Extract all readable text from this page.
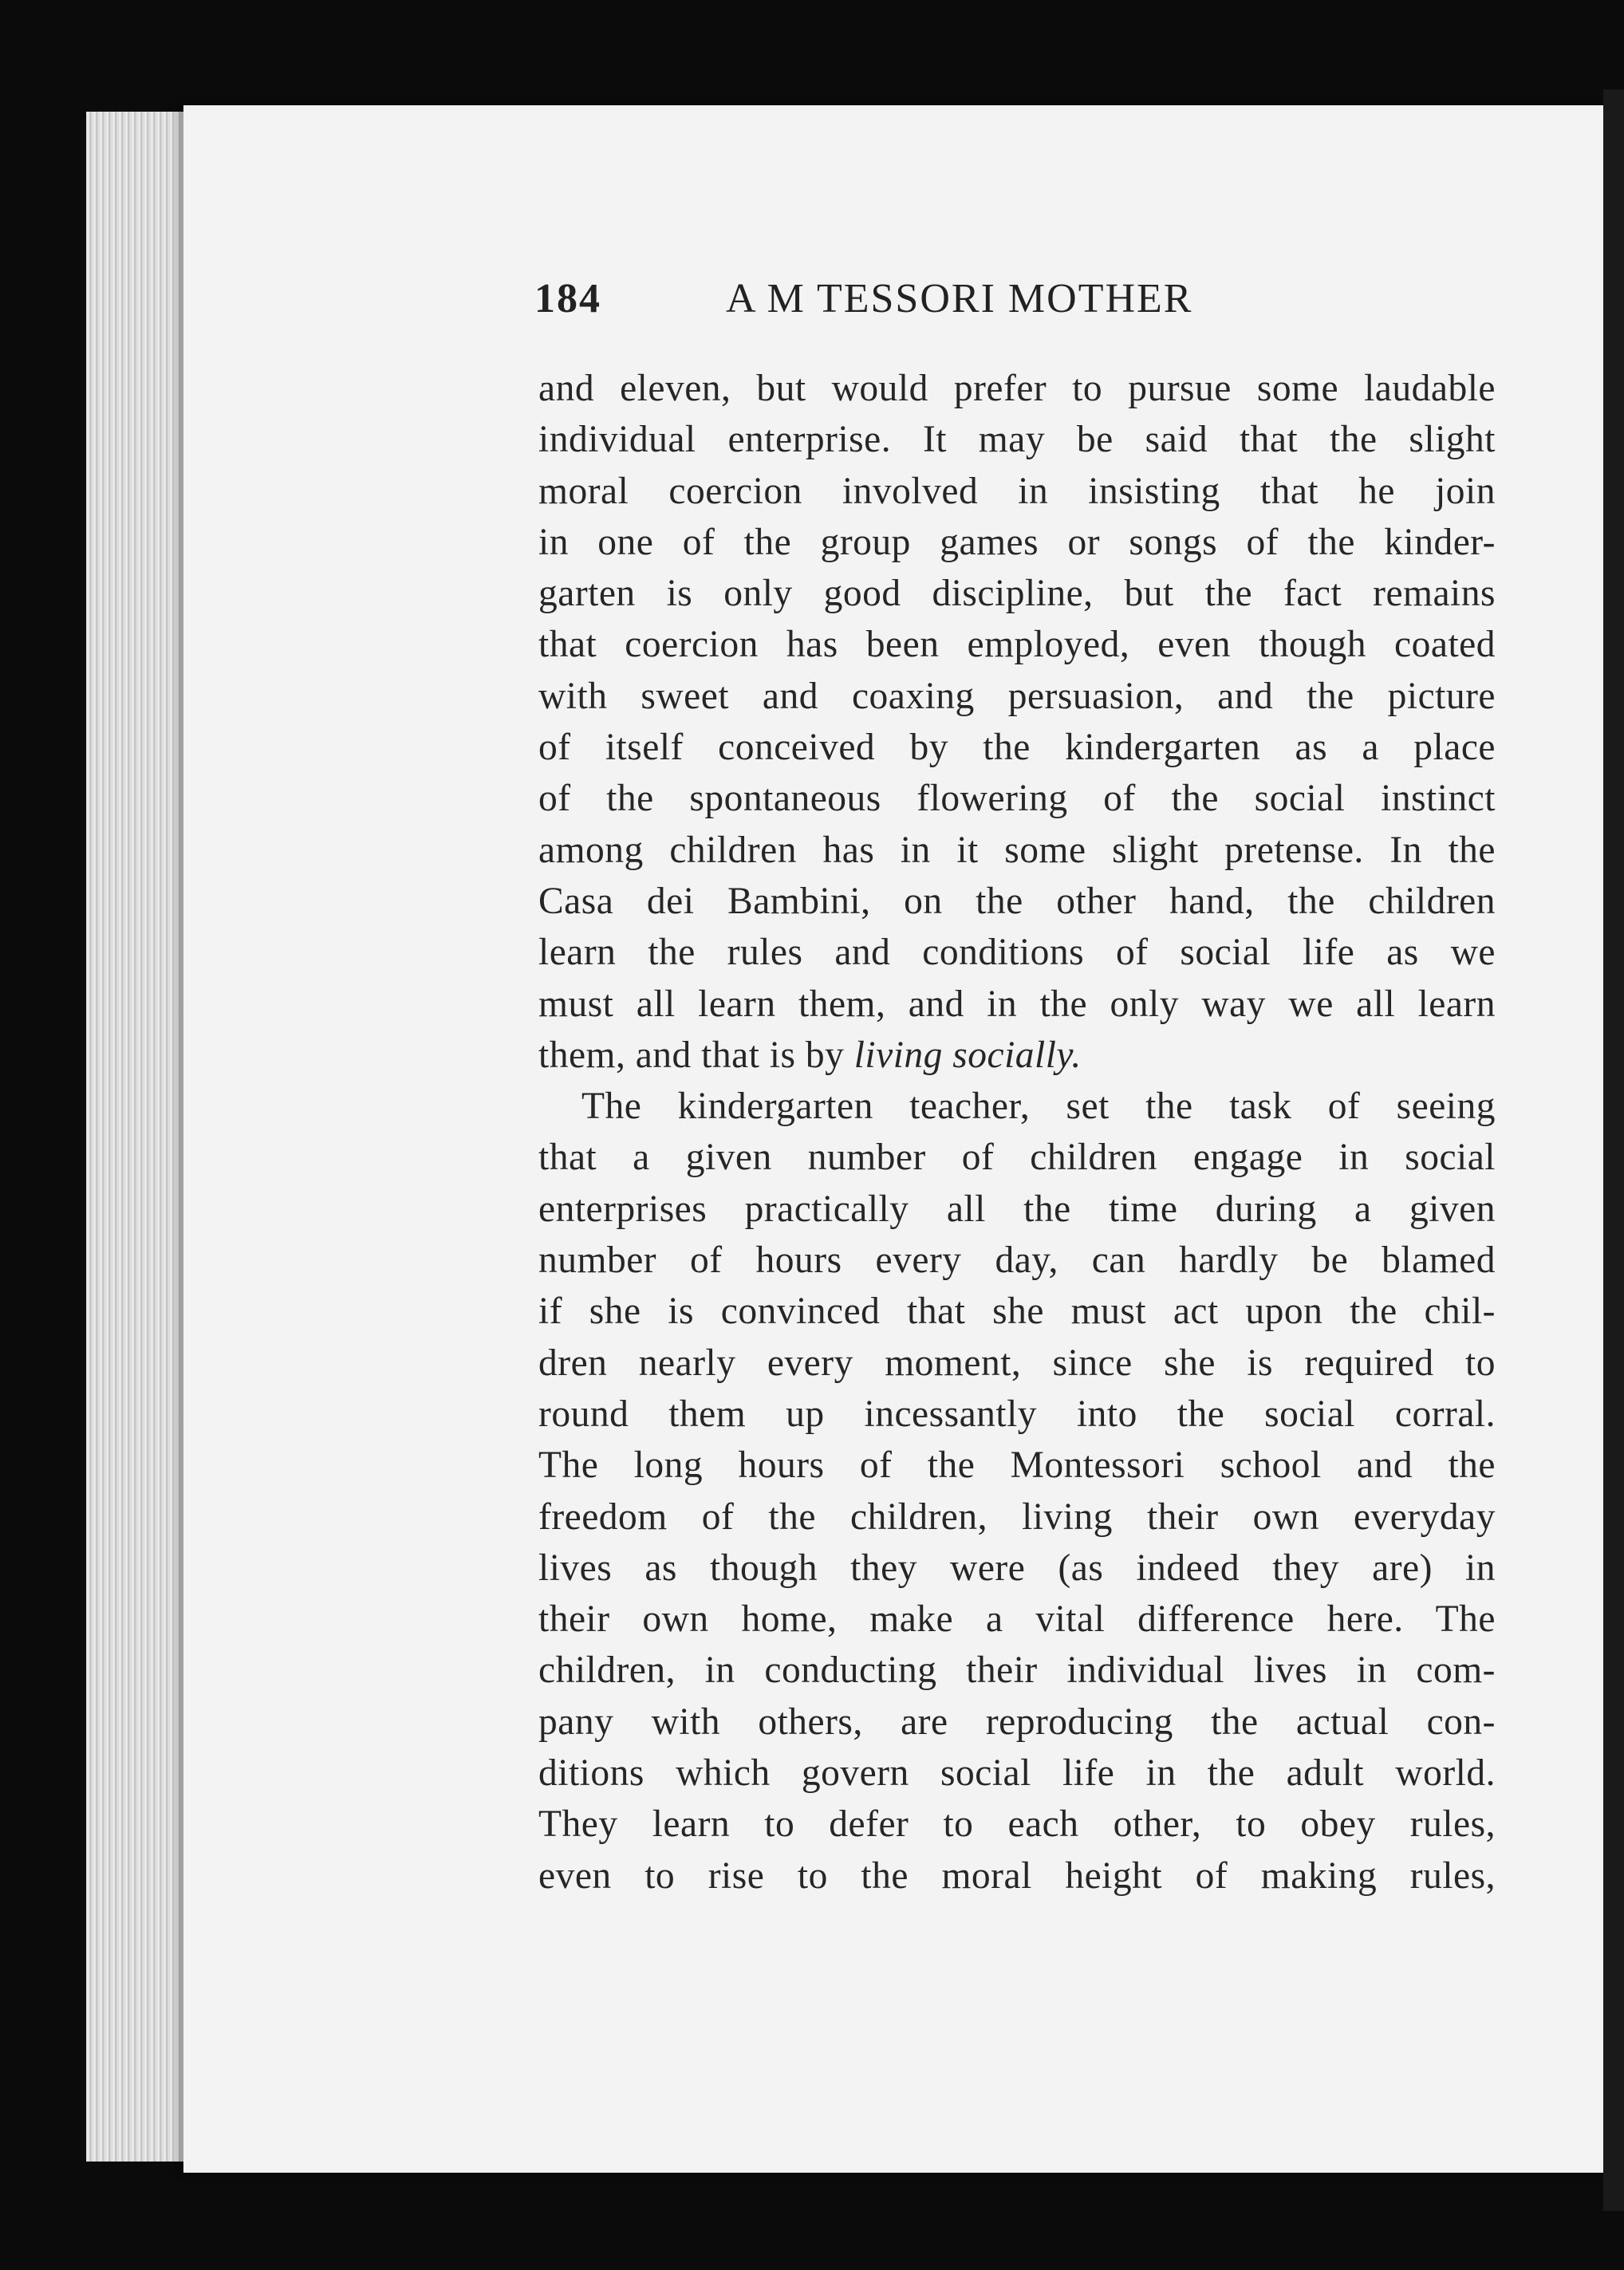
184	A M TESSORI MOTHER
and eleven, but would prefer to pursue some laudable
individual enterprise. It may be said that the slight
moral coercion involved in insisting that he join
in one of the group games or songs of the kinder-
garten is only good discipline, but the fact remains
that coercion has been employed, even though coated
with sweet and coaxing persuasion, and the picture
of itself conceived by the kindergarten as a place
of the spontaneous flowering of the social instinct
among children has in it some slight pretense. In the
Casa dei Bambini, on the other hand, the children
learn the rules and conditions of social life as we
must all learn them, and in the only way we all learn
them, and that is by living socially.
The kindergarten teacher, set the task of seeing
that a given number of children engage in social
enterprises practically all the time during a given
number of hours every day, can hardly be blamed
if she is convinced that she must act upon the chil-
dren nearly every moment, since she is required to
round them up incessantly into the social corral.
The long hours of the Montessori school and the
freedom of the children, living their own everyday
lives as though they were (as indeed they are) in
their own home, make a vital difference here. The
children, in conducting their individual lives in com-
pany with others, are reproducing the actual con-
ditions which govern social life in the adult world.
They learn to defer to each other, to obey rules,
even to rise to the moral height of making rules,
